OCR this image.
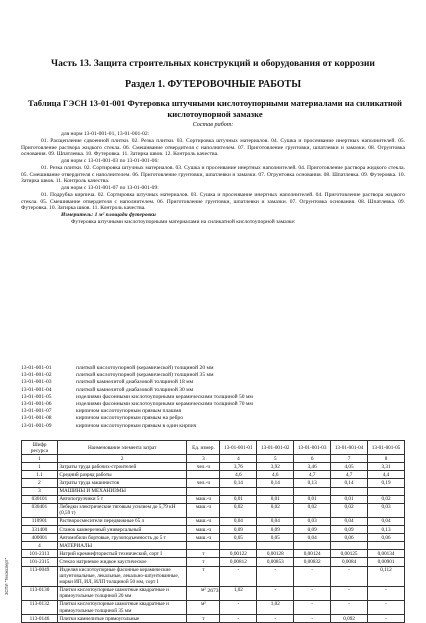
Часть 13. Защита строительных конструкций и оборудования от коррозии
Раздел 1. ФУТЕРОВОЧНЫЕ РАБОТЫ
Таблица ГЭСН 13-01-001 Футеровка штучными кислотоупорными материалами на силикатной кислотоупорной замазке
Состав работ:

для норм 13-01-001-01, 13-01-001-02:

01. Расщепление сдвоенной плитки. 02. Резка плитки. 03. Сортировка штучных материалов. 04. Сушка и просеивание инертных наполнителей. 05. Приготовление раствора жидкого стекла. 06. Смешивание отвердителя с наполнителем. 07. Приготовление грунтовки, шпатлевки и замазки. 08. Огрунтовка основания. 09. Шпатлевка. 10. Футеровка. 11. Затирка швов. 12. Контроль качества.

для норм с 13-01-001-03 по 13-01-001-06:

01. Резка плитки. 02. Сортировка штучных материалов. 03. Сушка и просеивание инертных наполнителей. 04. Приготовление раствора жидкого стекла. 05. Смешивание отвердителя с наполнителем. 06. Приготовление грунтовки, шпатлевки и замазки. 07. Огрунтовка основания. 08. Шпатлевка. 09. Футеровка. 10. Затирка швов. 11. Контроль качества.

для норм с 13-01-001-07 по 13-01-001-09:

01. Подрубка кирпича. 02. Сортировка штучных материалов. 03. Сушка и просеивание инертных наполнителей. 04. Приготовление раствора жидкого стекла. 05. Смешивание отвердителя с наполнителем. 06. Приготовление грунтовки, шпатлевки и замазки. 07. Огрунтовка основания. 08. Шпатлевка. 09. Футеровка. 10. Затирка швов. 11. Контроль качества.

Измеритель: 1 м² площади футеровки

Футеровка штучными кислотоупорными материалами на силикатной кислотоупорной замазке:

13-01-001-01	плиткой кислотоупорной (керамической) толщиной 20 мм
13-01-001-02	плиткой кислотоупорной (керамической) толщиной 35 мм
13-01-001-03	плиткой камнелитой диабазовой толщиной 18 мм
13-01-001-04	плиткой камнелитой диабазовой толщиной 30 мм
13-01-001-05	изделиями фасонными кислотоупорными керамическими толщиной 50 мм
13-01-001-06	изделиями фасонными кислотоупорными керамическими толщиной 70 мм
13-01-001-07	кирпичом кислотоупорным прямым плашмя
13-01-001-08	кирпичом кислотоупорным прямым на ребро
13-01-001-09	кирпичом кислотоупорным прямым в один кирпич
Шифр ресурса	Наименование элемента затрат	Ед. измер.	13-01-001-01	13-01-001-02	13-01-001-03	13-01-001-04	13-01-001-05
1	2	3	4	5	6	7	8
1	Затраты труда рабочих-строителей	чел.-ч	3,76	3,92	3,46	4,05	3,31
1.1	Средний разряд работы		4,6	4,6	4,7	4,7	4,4
2	Затраты труда машинистов	чел.-ч	0,14	0,14	0,13	0,14	0,19
3	МАШИНЫ И МЕХАНИЗМЫ						
030101	Автопогрузчики 5 т	маш.-ч	0,01	0,01	0,01	0,01	0,02
030401	Лебедки электрические тяговым усилием до 5,79 кН (0,59 т)	маш.-ч	0,02	0,02	0,02	0,02	0,03
110901	Растворосмесители передвижные 65 л	маш.-ч	0,04	0,04	0,03	0,04	0,04
331400	Станок камнерезный универсальный	маш.-ч	0,09	0,09	0,09	0,09	0,13
400001	Автомобили бортовые, грузоподъемность до 5 т	маш.-ч	0,05	0,05	0,04	0,06	0,06
4	МАТЕРИАЛЫ						
101-2313	Натрий кремнефтористый технический, сорт I	т	0,00122	0,00128	0,00124	0,00125	0,00134
101-2315	Стекло натриевое жидкое каустическое	т	0,00812	0,00853	0,00832	0,0084	0,00901
113-0049	Изделия кислотоупорные фасонные керамические шпунтовальные, лекальные, лекально-шпунтованные, марки ИП, ИЛ, ИЛП толщиной 50 мм, сорт I	т	-	-	-	-	0,112
113-0130	Плитки кислотоупорные шамотные квадратные и прямоугольные толщиной 20 мм	м²	1,02	-	-	-	-
113-0132	Плитки кислотоупорные шамотные квадратные и прямоугольные толщиной 35 мм	м²	-	1,02	-	-	-
113-0146	Плитки камнелитые прямоугольные	т	-	-	-	0,092	-
ЗСПИ "Техэксперт"	2673
